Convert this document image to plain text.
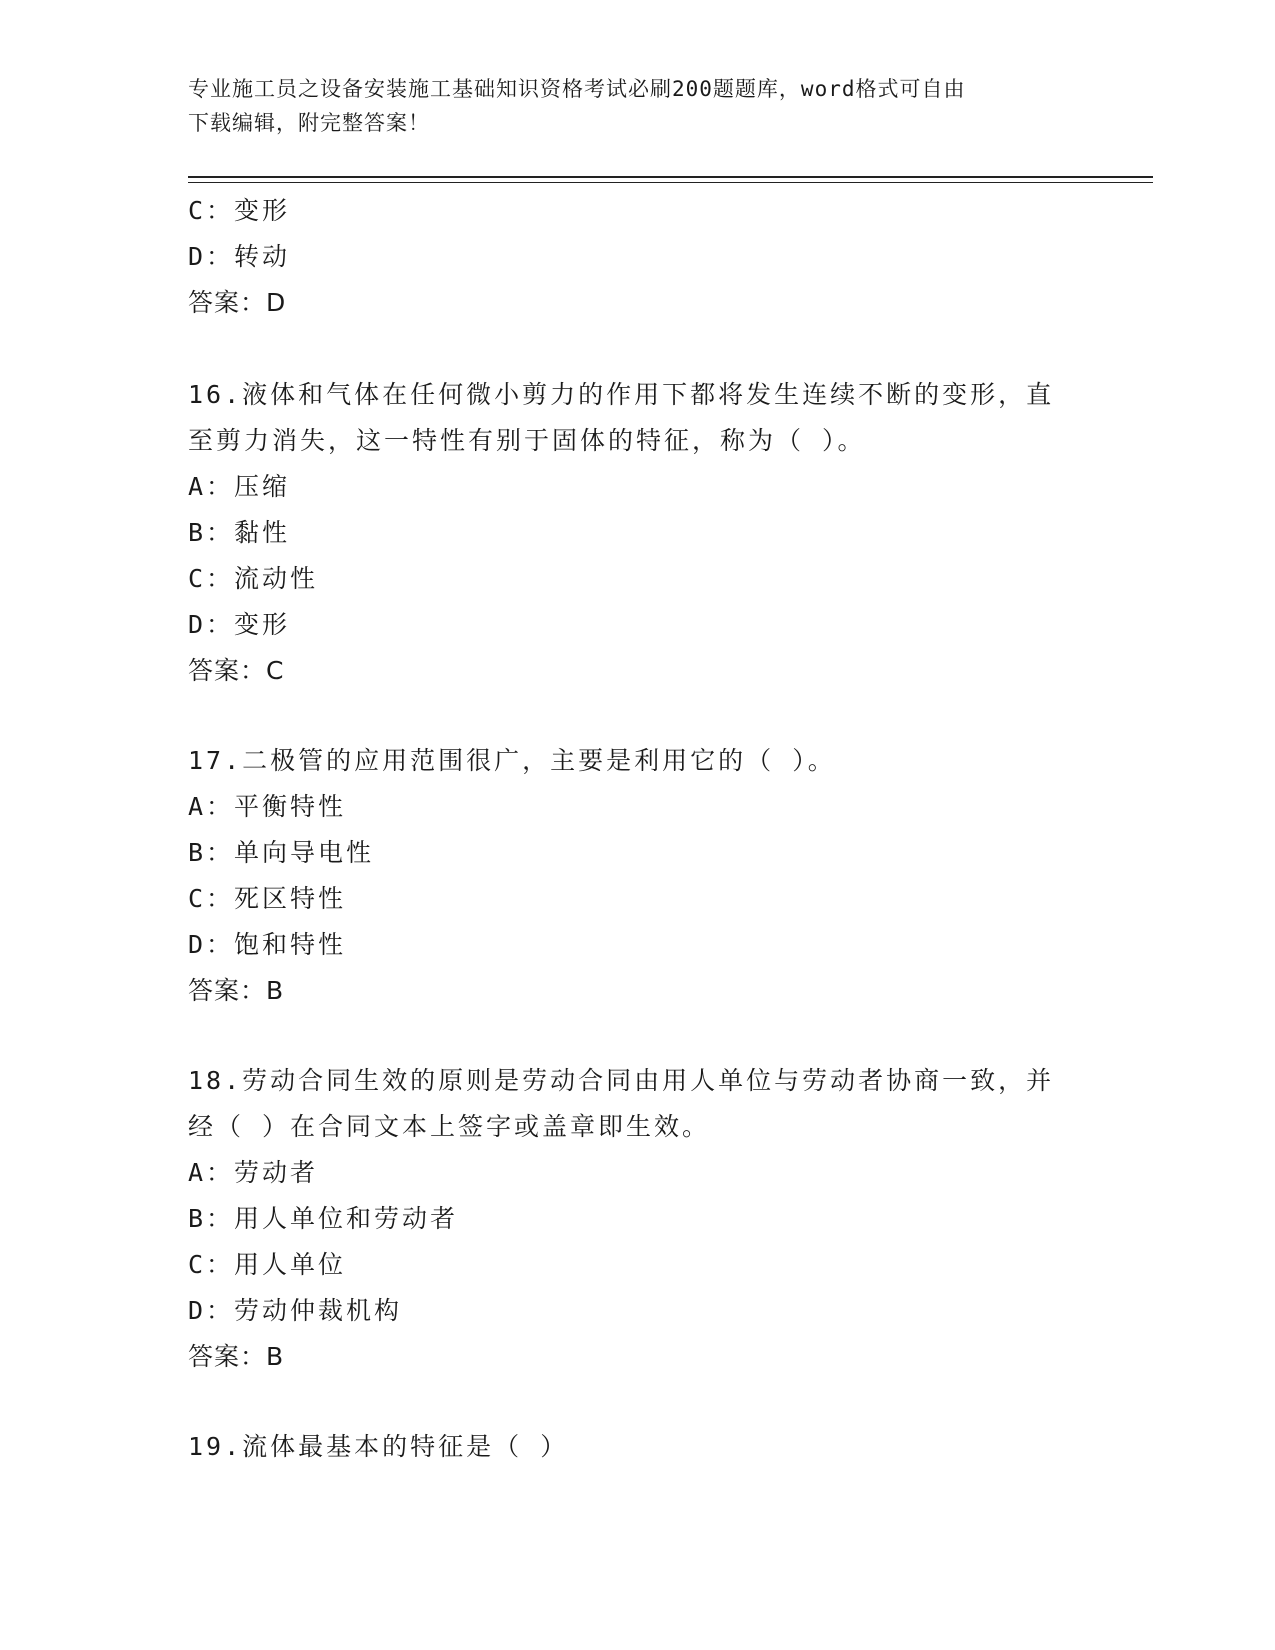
专业施工员之设备安装施工基础知识资格考试必刷200题题库，word格式可自由
下载编辑，附完整答案！
C：变形
D：转动
答案：D
16.液体和气体在任何微小剪力的作用下都将发生连续不断的变形，直
至剪力消失，这一特性有别于固体的特征，称为（ ）。
A：压缩
B：黏性
C：流动性
D：变形
答案：C
17.二极管的应用范围很广，主要是利用它的（ ）。
A：平衡特性
B：单向导电性
C：死区特性
D：饱和特性
答案：B
18.劳动合同生效的原则是劳动合同由用人单位与劳动者协商一致，并
经（ ）在合同文本上签字或盖章即生效。
A：劳动者
B：用人单位和劳动者
C：用人单位
D：劳动仲裁机构
答案：B
19.流体最基本的特征是（ ）
